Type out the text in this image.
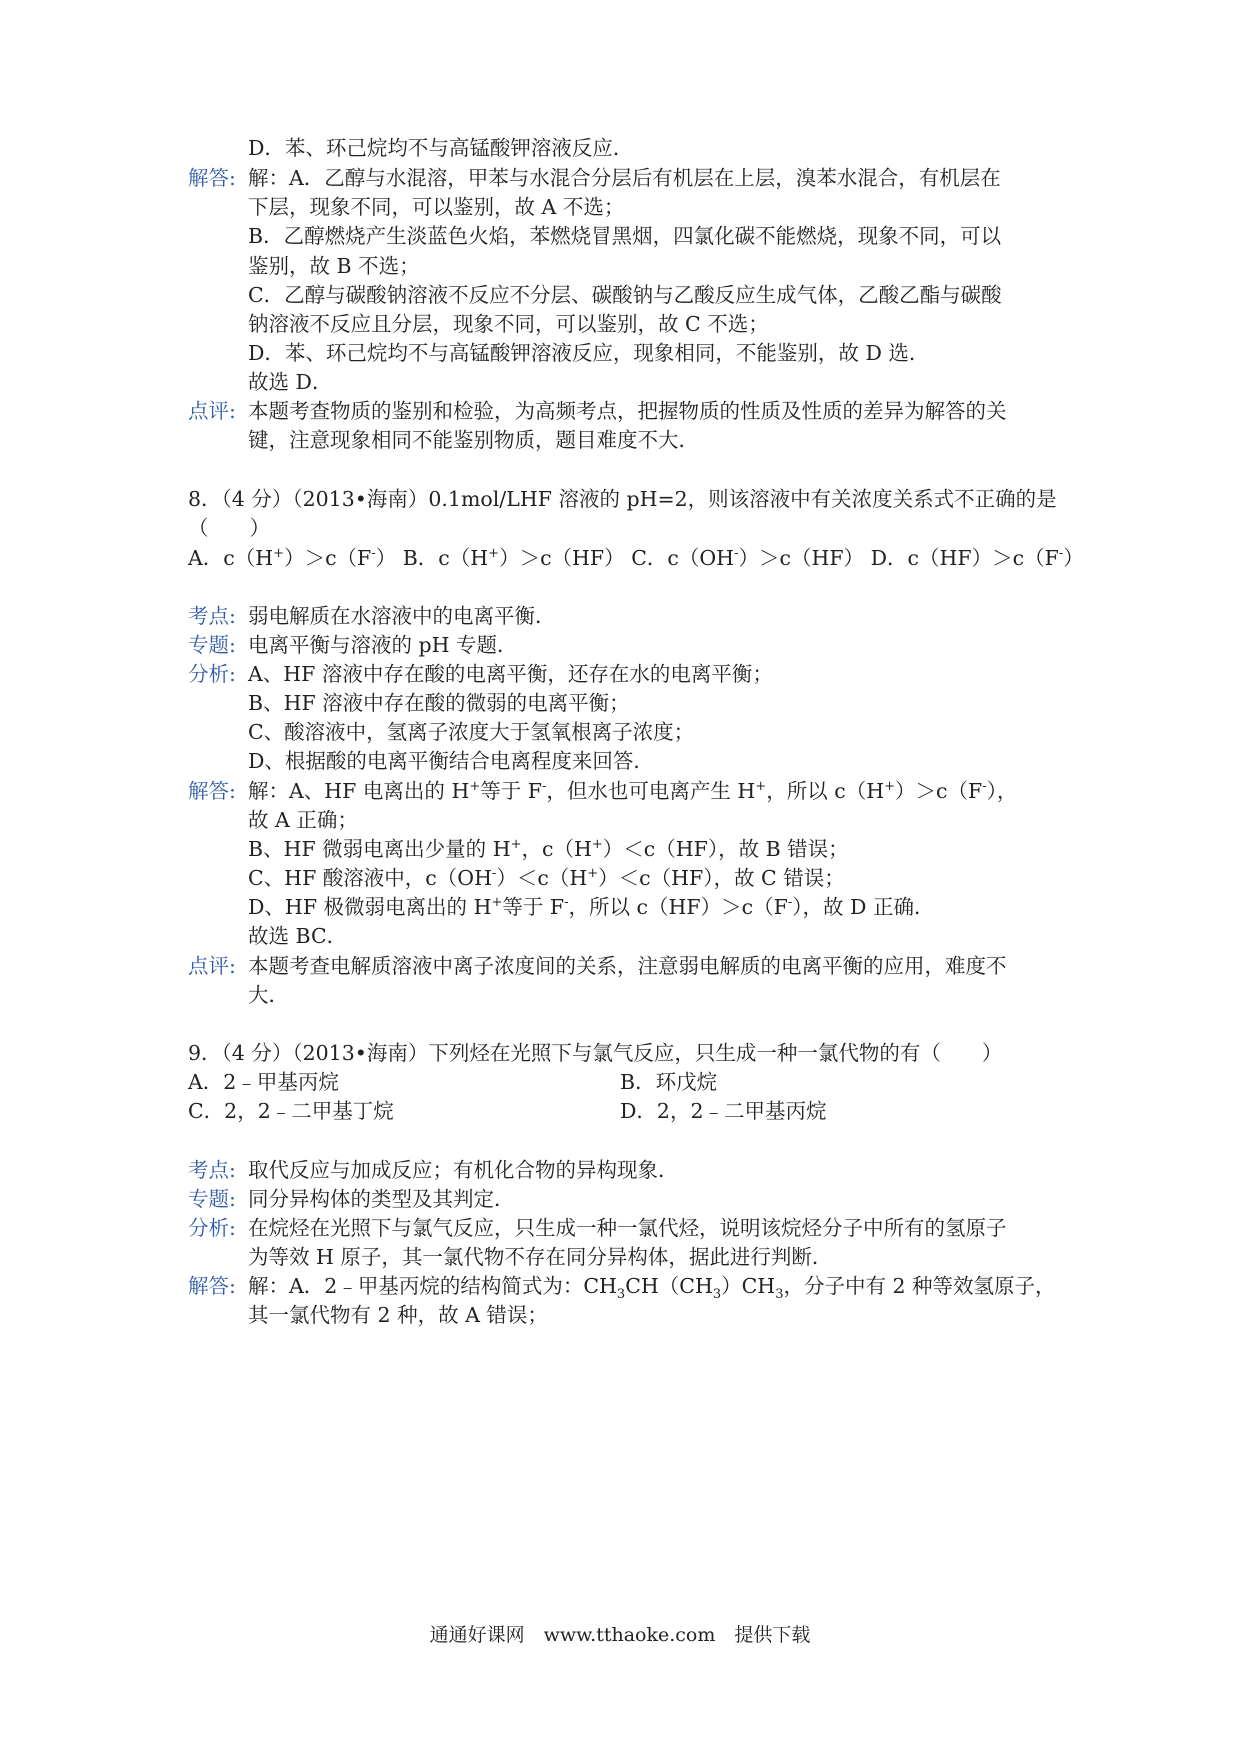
D．苯、环己烷均不与高锰酸钾溶液反应．
解答: 解：A．乙醇与水混溶，甲苯与水混合分层后有机层在上层，溴苯水混合，有机层在
下层，现象不同，可以鉴别，故 A 不选；
B．乙醇燃烧产生淡蓝色火焰，苯燃烧冒黑烟，四氯化碳不能燃烧，现象不同，可以
鉴别，故 B 不选；
C．乙醇与碳酸钠溶液不反应不分层、碳酸钠与乙酸反应生成气体，乙酸乙酯与碳酸
钠溶液不反应且分层，现象不同，可以鉴别，故 C 不选；
D．苯、环己烷均不与高锰酸钾溶液反应，现象相同，不能鉴别，故 D 选．
故选 D．
点评: 本题考查物质的鉴别和检验，为高频考点，把握物质的性质及性质的差异为解答的关
键，注意现象相同不能鉴别物质，题目难度不大．
8．（4 分）（2013•海南）0.1mol/LHF 溶液的 pH=2，则该溶液中有关浓度关系式不正确的是
（　　）
A．c（H+）＞c（F-） B．c（H+）＞c（HF） C．c（OH-）＞c（HF） D．c（HF）＞c（F-）
考点: 弱电解质在水溶液中的电离平衡．
专题: 电离平衡与溶液的 pH 专题．
分析: A、HF 溶液中存在酸的电离平衡，还存在水的电离平衡；
B、HF 溶液中存在酸的微弱的电离平衡；
C、酸溶液中，氢离子浓度大于氢氧根离子浓度；
D、根据酸的电离平衡结合电离程度来回答．
解答: 解：A、HF 电离出的 H+等于 F-，但水也可电离产生 H+，所以 c（H+）＞c（F-），
故 A 正确；
B、HF 微弱电离出少量的 H+，c（H+）＜c（HF），故 B 错误；
C、HF 酸溶液中，c（OH-）＜c（H+）＜c（HF），故 C 错误；
D、HF 极微弱电离出的 H+等于 F-，所以 c（HF）＞c（F-），故 D 正确．
故选 BC．
点评: 本题考查电解质溶液中离子浓度间的关系，注意弱电解质的电离平衡的应用，难度不
大．
9．（4 分）（2013•海南）下列烃在光照下与氯气反应，只生成一种一氯代物的有（　　）
A．2﹣甲基丙烷	B．环戊烷
C．2，2﹣二甲基丁烷	D．2，2﹣二甲基丙烷
考点: 取代反应与加成反应；有机化合物的异构现象．
专题: 同分异构体的类型及其判定．
分析: 在烷烃在光照下与氯气反应，只生成一种一氯代烃，说明该烷烃分子中所有的氢原子
为等效 H 原子，其一氯代物不存在同分异构体，据此进行判断．
解答: 解：A．2﹣甲基丙烷的结构简式为：$CH_3CH(CH_3)CH_3$，分子中有 2 种等效氢原子，
其一氯代物有 2 种，故 A 错误；
通通好课网　www.tthaoke.com　提供下载
